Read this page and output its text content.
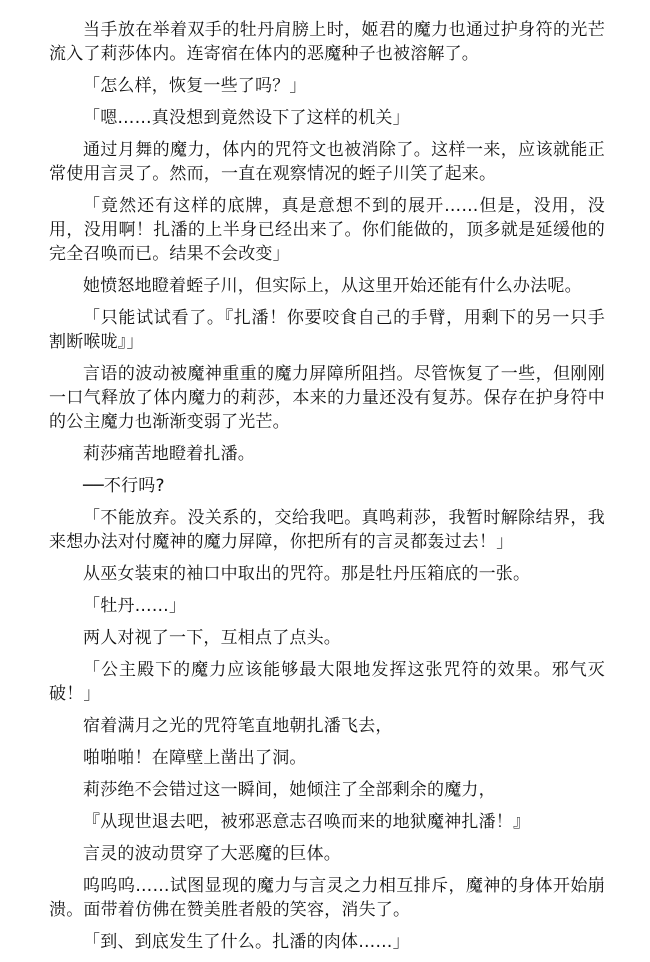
当手放在举着双手的牡丹肩膀上时，姬君的魔力也通过护身符的光芒流入了莉莎体内。连寄宿在体内的恶魔种子也被溶解了。

「怎么样，恢复一些了吗？」

「嗯……真没想到竟然设下了这样的机关」

通过月舞的魔力，体内的咒符文也被消除了。这样一来，应该就能正常使用言灵了。然而，一直在观察情况的蛭子川笑了起来。

「竟然还有这样的底牌，真是意想不到的展开……但是，没用，没用，没用啊！扎潘的上半身已经出来了。你们能做的，顶多就是延缓他的完全召唤而已。结果不会改变」

她愤怒地瞪着蛭子川，但实际上，从这里开始还能有什么办法呢。

「只能试试看了。『扎潘！你要咬食自己的手臂，用剩下的另一只手割断喉咙』」

言语的波动被魔神重重的魔力屏障所阻挡。尽管恢复了一些，但刚刚一口气释放了体内魔力的莉莎，本来的力量还没有复苏。保存在护身符中的公主魔力也渐渐变弱了光芒。

莉莎痛苦地瞪着扎潘。

──不行吗?

「不能放弃。没关系的，交给我吧。真鸣莉莎，我暂时解除结界，我来想办法对付魔神的魔力屏障，你把所有的言灵都轰过去！」

从巫女装束的袖口中取出的咒符。那是牡丹压箱底的一张。

「牡丹……」

两人对视了一下，互相点了点头。

「公主殿下的魔力应该能够最大限地发挥这张咒符的效果。邪气灭破！」

宿着满月之光的咒符笔直地朝扎潘飞去，

啪啪啪！在障壁上凿出了洞。

莉莎绝不会错过这一瞬间，她倾注了全部剩余的魔力，

『从现世退去吧，被邪恶意志召唤而来的地狱魔神扎潘！』

言灵的波动贯穿了大恶魔的巨体。

呜呜呜……试图显现的魔力与言灵之力相互排斥，魔神的身体开始崩溃。面带着仿佛在赞美胜者般的笑容，消失了。

「到、到底发生了什么。扎潘的肉体……」
